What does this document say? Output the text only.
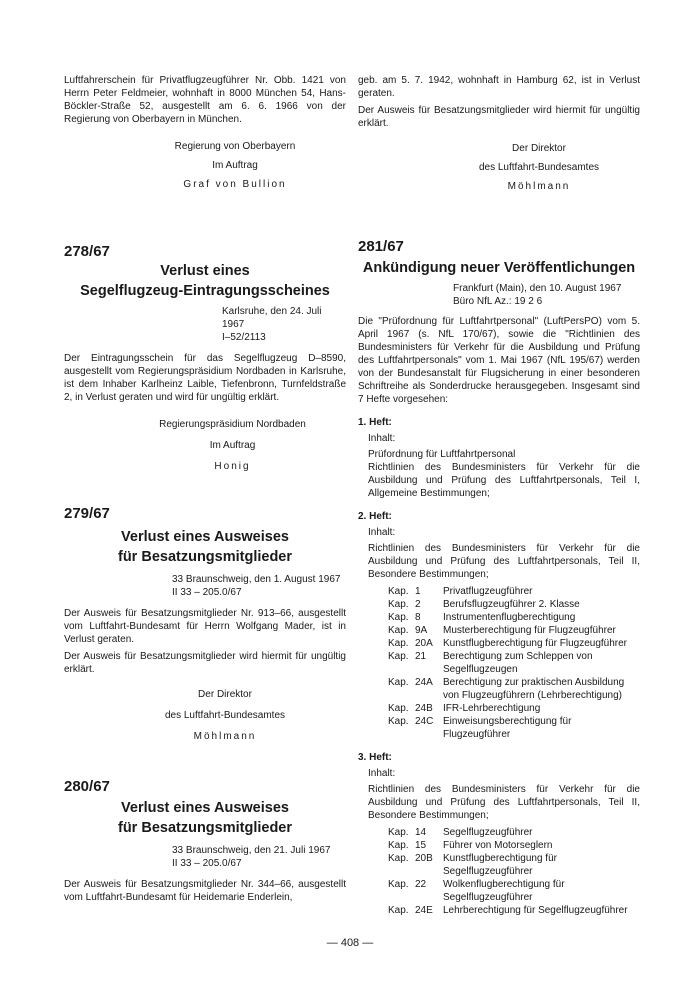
Luftfahrerschein für Privatflugzeugführer Nr. Obb. 1421 von Herrn Peter Feldmeier, wohnhaft in 8000 München 54, Hans-Böckler-Straße 52, ausgestellt am 6. 6. 1966 von der Regierung von Oberbayern in München.

Regierung von Oberbayern

Im Auftrag

Graf von Bullion

278/67

Verlust eines

Segelflugzeug-Eintragungsscheines

Karlsruhe, den 24. Juli 1967

I–52/2113

Der Eintragungsschein für das Segelflugzeug D–8590, ausgestellt vom Regierungspräsidium Nordbaden in Karlsruhe, ist dem Inhaber Karlheinz Laible, Tiefenbronn, Turnfeldstraße 2, in Verlust geraten und wird für ungültig erklärt.

Regierungspräsidium Nordbaden

Im Auftrag

Honig

279/67

Verlust eines Ausweises

für Besatzungsmitglieder

33 Braunschweig, den 1. August 1967

II 33 – 205.0/67

Der Ausweis für Besatzungsmitglieder Nr. 913–66, ausgestellt vom Luftfahrt-Bundesamt für Herrn Wolfgang Mader, ist in Verlust geraten.

Der Ausweis für Besatzungsmitglieder wird hiermit für ungültig erklärt.

Der Direktor

des Luftfahrt-Bundesamtes

Möhlmann

280/67

Verlust eines Ausweises

für Besatzungsmitglieder

33 Braunschweig, den 21. Juli 1967

II 33 – 205.0/67

Der Ausweis für Besatzungsmitglieder Nr. 344–66, ausgestellt vom Luftfahrt-Bundesamt für Heidemarie Enderlein,

geb. am 5. 7. 1942, wohnhaft in Hamburg 62, ist in Verlust geraten.

Der Ausweis für Besatzungsmitglieder wird hiermit für ungültig erklärt.

Der Direktor

des Luftfahrt-Bundesamtes

Möhlmann

281/67

Ankündigung neuer Veröffentlichungen

Frankfurt (Main), den 10. August 1967

Büro NfL Az.: 19 2 6

Die "Prüfordnung für Luftfahrtpersonal" (LuftPersPO) vom 5. April 1967 (s. NfL 170/67), sowie die "Richtlinien des Bundesministers für Verkehr für die Ausbildung und Prüfung des Luftfahrtpersonals" vom 1. Mai 1967 (NfL 195/67) werden von der Bundesanstalt für Flugsicherung in einer besonderen Schriftreihe als Sonderdrucke herausgegeben. Insgesamt sind 7 Hefte vorgesehen:

1. Heft:

Inhalt:

Prüfordnung für Luftfahrtpersonal

Richtlinien des Bundesministers für Verkehr für die Ausbildung und Prüfung des Luftfahrtpersonals, Teil I, Allgemeine Bestimmungen;

2. Heft:

Inhalt:

Richtlinien des Bundesministers für Verkehr für die Ausbildung und Prüfung des Luftfahrtpersonals, Teil II, Besondere Bestimmungen;

Kap. 1	Privatflugzeugführer
Kap. 2	Berufsflugzeugführer 2. Klasse
Kap. 8	Instrumentenflugberechtigung
Kap. 9A	Musterberechtigung für Flugzeugführer
Kap. 20A	Kunstflugberechtigung für Flugzeugführer
Kap. 21	Berechtigung zum Schleppen von Segelflugzeugen
Kap. 24A	Berechtigung zur praktischen Ausbildung von Flugzeugführern (Lehrberechtigung)
Kap. 24B	IFR-Lehrberechtigung
Kap. 24C Einweisungsberechtigung für Flugzeugführer

3. Heft:

Inhalt:

Richtlinien des Bundesministers für Verkehr für die Ausbildung und Prüfung des Luftfahrtpersonals, Teil II, Besondere Bestimmungen;

Kap. 14	Segelflugzeugführer
Kap. 15	Führer von Motorseglern
Kap. 20B	Kunstflugberechtigung für Segelflugzeugführer
Kap. 22	Wolkenflugberechtigung für Segelflugzeugführer
Kap. 24E	Lehrberechtigung für Segelflugzeugführer
— 408 —
